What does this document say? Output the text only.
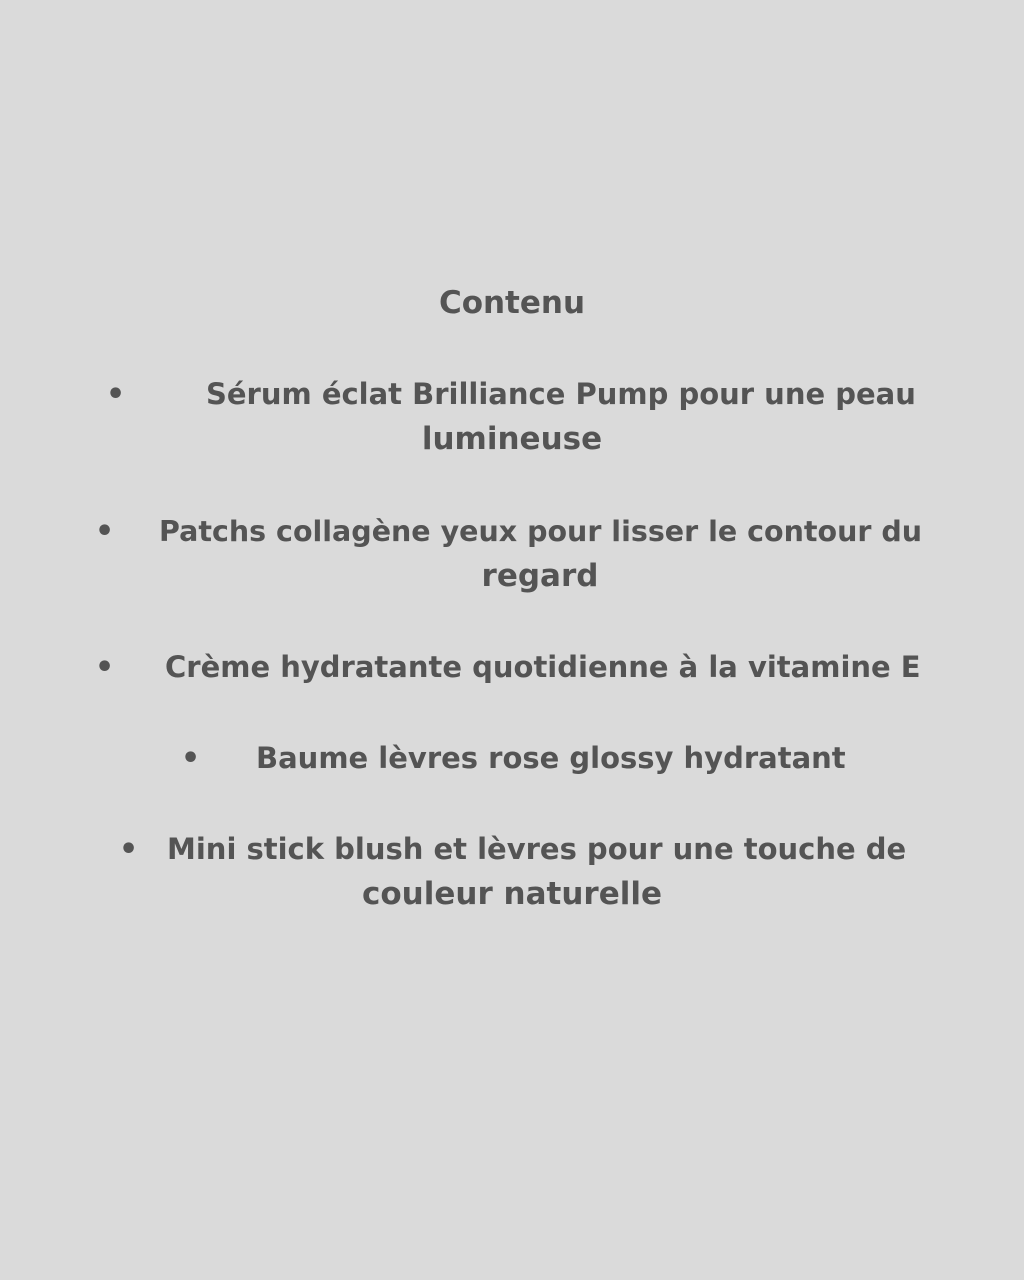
Contenu
•	Sérum éclat Brilliance Pump pour une peau
lumineuse
• Patchs collagène yeux pour lisser le contour du
regard
• Crème hydratante quotidienne à la vitamine E
• Baume lèvres rose glossy hydratant
• Mini stick blush et lèvres pour une touche de
couleur naturelle
